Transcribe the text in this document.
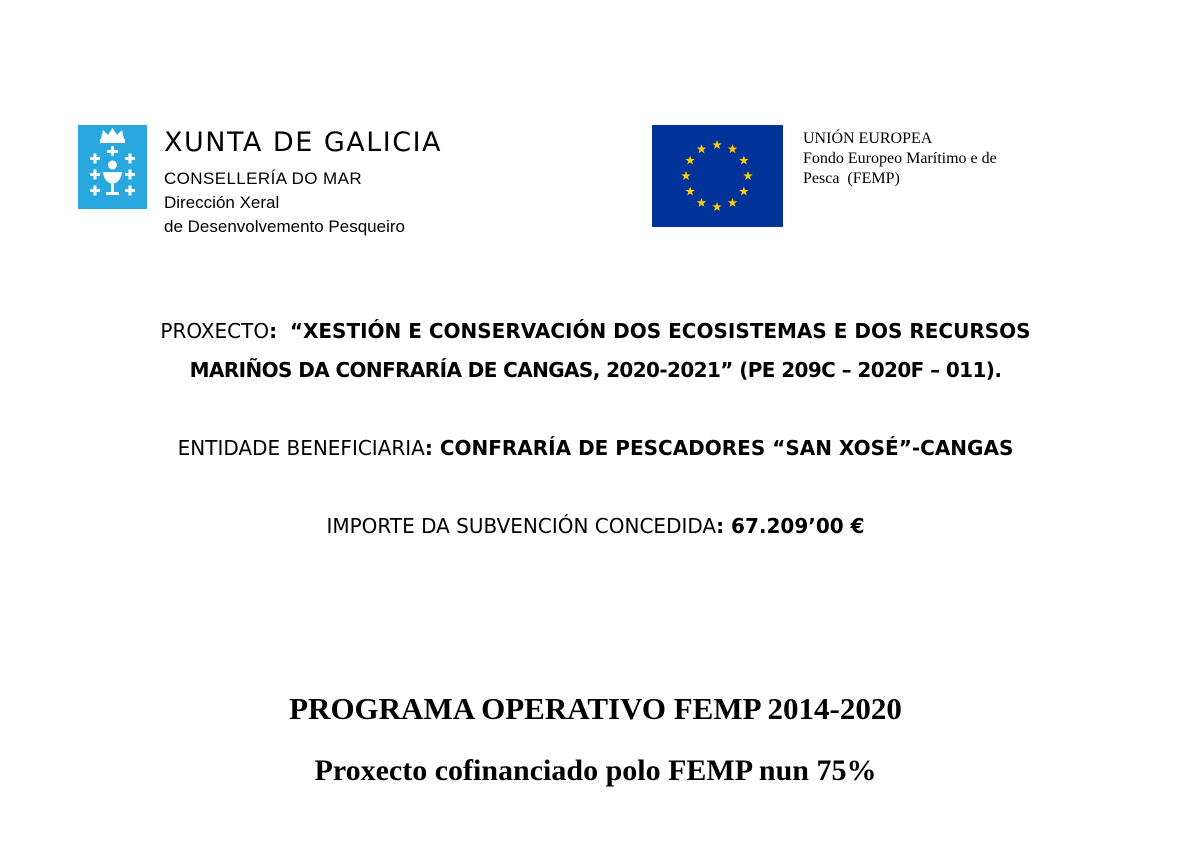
XUNTA DE GALICIA
CONSELLERÍA DO MAR
Dirección Xeral
de Desenvolvemento Pesqueiro
UNIÓN EUROPEA
Fondo Europeo Marítimo e de
Pesca  (FEMP)
PROXECTO: “XESTIÓN E CONSERVACIÓN DOS ECOSISTEMAS E DOS RECURSOS
MARIÑOS DA CONFRARÍA DE CANGAS, 2020-2021” (PE 209C – 2020F – 011).
ENTIDADE BENEFICIARIA: CONFRARÍA DE PESCADORES “SAN XOSÉ”-CANGAS
IMPORTE DA SUBVENCIÓN CONCEDIDA: 67.209’00 €
PROGRAMA OPERATIVO FEMP 2014-2020
Proxecto cofinanciado polo FEMP nun 75%
